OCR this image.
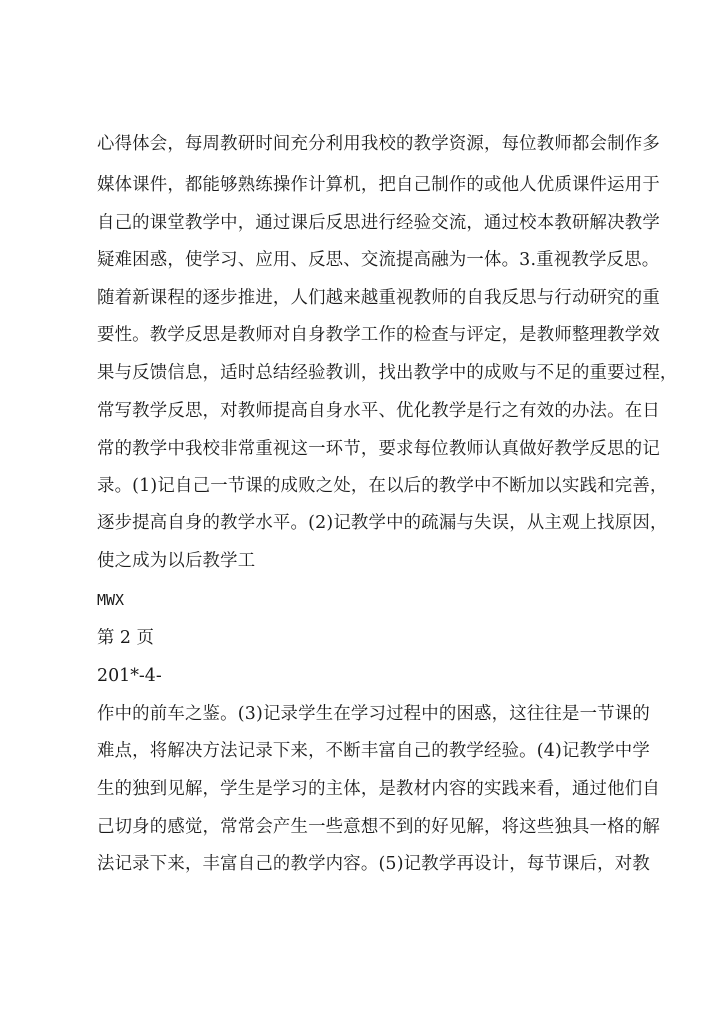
心得体会，每周教研时间充分利用我校的教学资源，每位教师都会制作多
媒体课件，都能够熟练操作计算机，把自己制作的或他人优质课件运用于
自己的课堂教学中，通过课后反思进行经验交流，通过校本教研解决教学
疑难困惑，使学习、应用、反思、交流提高融为一体。3.重视教学反思。
随着新课程的逐步推进，人们越来越重视教师的自我反思与行动研究的重
要性。教学反思是教师对自身教学工作的检查与评定，是教师整理教学效
果与反馈信息，适时总结经验教训，找出教学中的成败与不足的重要过程，
常写教学反思，对教师提高自身水平、优化教学是行之有效的办法。在日
常的教学中我校非常重视这一环节，要求每位教师认真做好教学反思的记
录。(1)记自己一节课的成败之处，在以后的教学中不断加以实践和完善，
逐步提高自身的教学水平。(2)记教学中的疏漏与失误，从主观上找原因，
使之成为以后教学工
MWX
第 2 页
201*-4-
作中的前车之鉴。(3)记录学生在学习过程中的困惑，这往往是一节课的
难点，将解决方法记录下来，不断丰富自己的教学经验。(4)记教学中学
生的独到见解，学生是学习的主体，是教材内容的实践来看，通过他们自
己切身的感觉，常常会产生一些意想不到的好见解，将这些独具一格的解
法记录下来，丰富自己的教学内容。(5)记教学再设计，每节课后，对教
